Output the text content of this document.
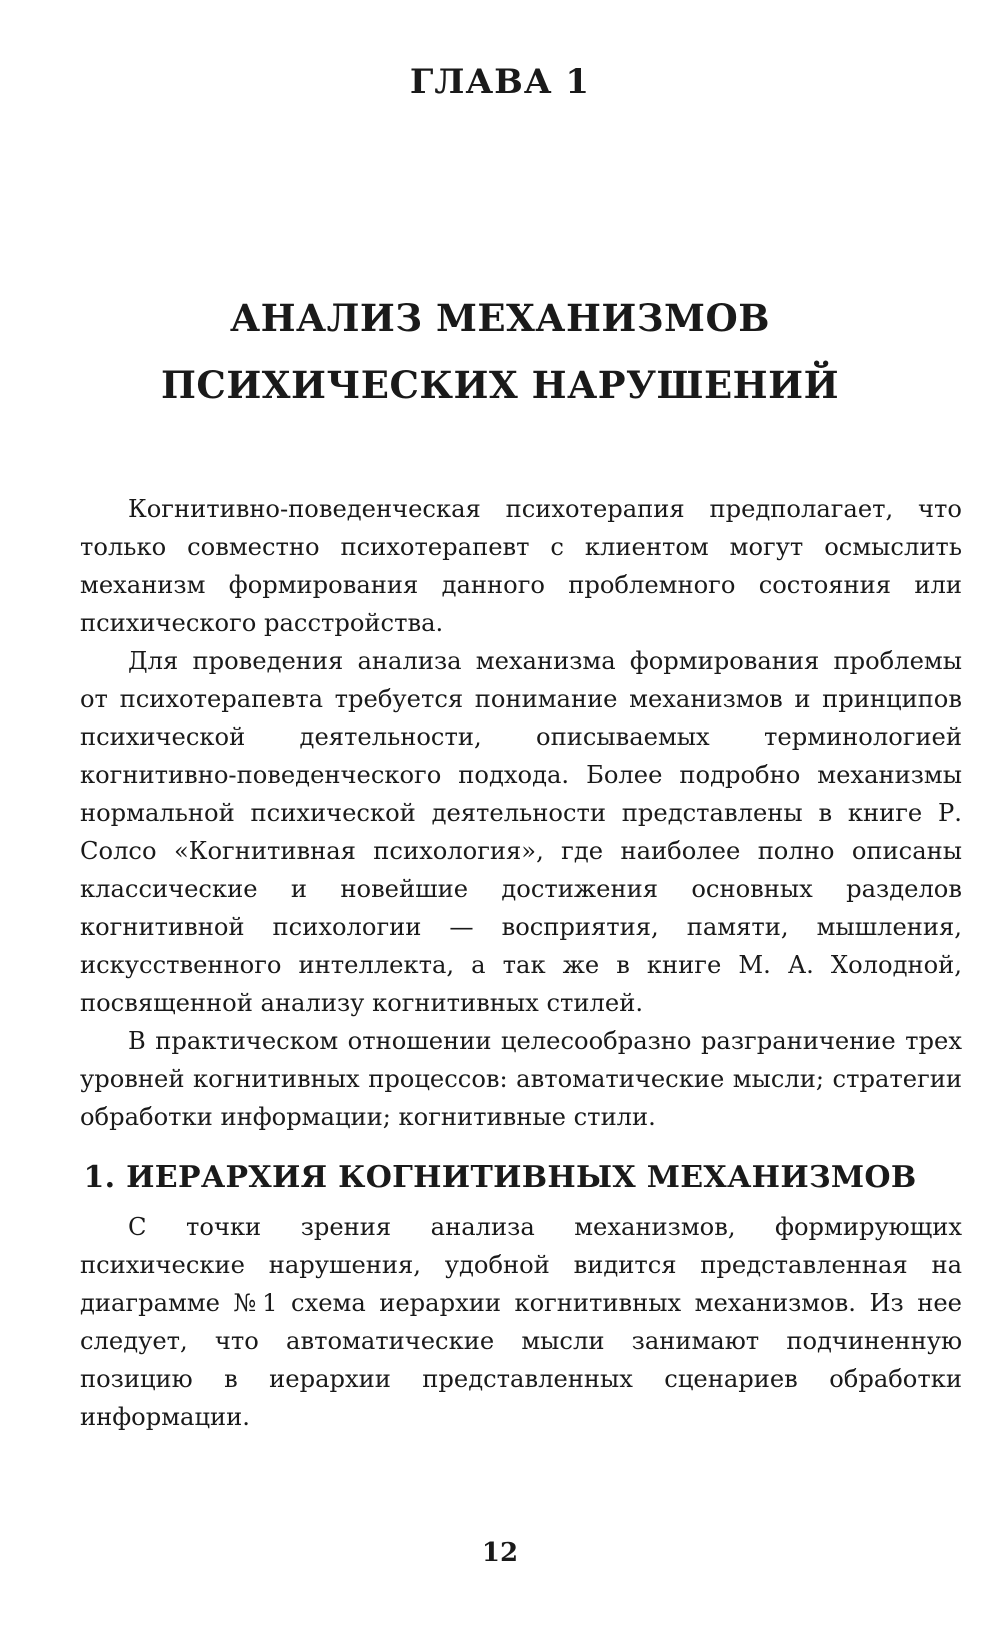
ГЛАВА 1
АНАЛИЗ МЕХАНИЗМОВ
ПСИХИЧЕСКИХ НАРУШЕНИЙ

Когнитивно-поведенческая психотерапия предполагает, что только совместно психотерапевт с клиентом могут осмыслить механизм формирования данного проблемного состояния или психического расстройства.

Для проведения анализа механизма формирования проблемы от психотерапевта требуется понимание механизмов и принципов психической деятельности, описываемых терминологией когнитивно-поведенческого подхода. Более подробно механизмы нормальной психической деятельности представлены в книге Р. Солсо «Когнитивная психология», где наиболее полно описаны классические и новейшие достижения основных разделов когнитивной психологии — восприятия, памяти, мышления, искусственного интеллекта, а так же в книге М. А. Холодной, посвященной анализу когнитивных стилей.

В практическом отношении целесообразно разграничение трех уровней когнитивных процессов: автоматические мысли; стратегии обработки информации; когнитивные стили.

1. ИЕРАРХИЯ КОГНИТИВНЫХ МЕХАНИЗМОВ

С точки зрения анализа механизмов, формирующих психические нарушения, удобной видится представленная на диаграмме №1 схема иерархии когнитивных механизмов. Из нее следует, что автоматические мысли занимают подчиненную позицию в иерархии представленных сценариев обработки информации.

12
